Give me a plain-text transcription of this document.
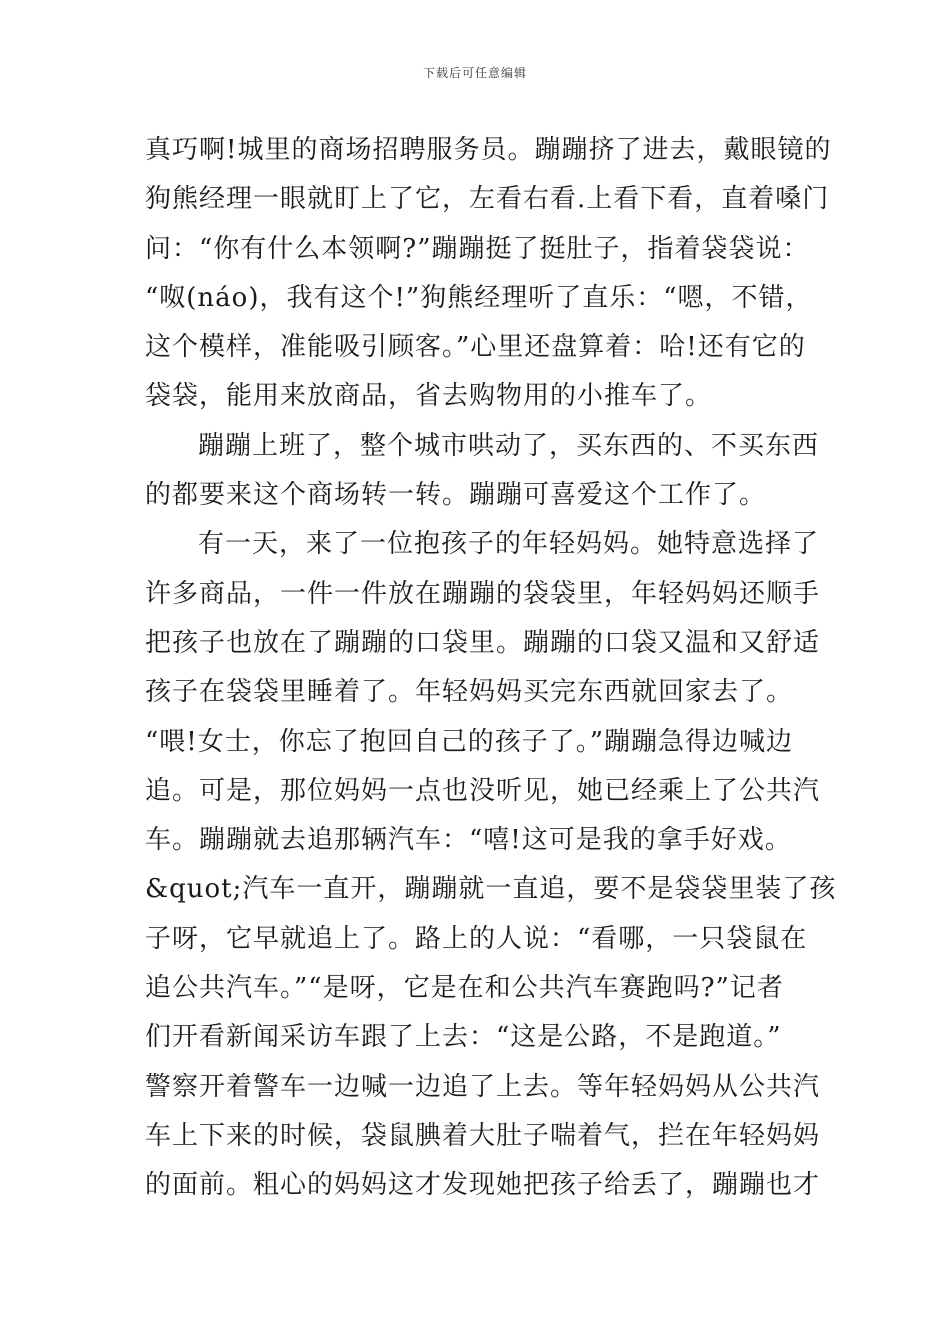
下载后可任意编辑
真巧啊!城里的商场招聘服务员。蹦蹦挤了进去，戴眼镜的
狗熊经理一眼就盯上了它，左看右看.上看下看，直着嗓门
问：“你有什么本领啊?”蹦蹦挺了挺肚子，指着袋袋说：
“呶(náo)，我有这个!”狗熊经理听了直乐：“嗯，不错，
这个模样，准能吸引顾客。”心里还盘算着：哈!还有它的
袋袋，能用来放商品，省去购物用的小推车了。
蹦蹦上班了，整个城市哄动了，买东西的、不买东西
的都要来这个商场转一转。蹦蹦可喜爱这个工作了。
有一天，来了一位抱孩子的年轻妈妈。她特意选择了
许多商品，一件一件放在蹦蹦的袋袋里，年轻妈妈还顺手
把孩子也放在了蹦蹦的口袋里。蹦蹦的口袋又温和又舒适
孩子在袋袋里睡着了。年轻妈妈买完东西就回家去了。
“喂!女士，你忘了抱回自己的孩子了。”蹦蹦急得边喊边
追。可是，那位妈妈一点也没听见，她已经乘上了公共汽
车。蹦蹦就去追那辆汽车：“嘻!这可是我的拿手好戏。
&quot;汽车一直开，蹦蹦就一直追，要不是袋袋里装了孩
子呀，它早就追上了。路上的人说：“看哪，一只袋鼠在
追公共汽车。”“是呀，它是在和公共汽车赛跑吗?”记者
们开看新闻采访车跟了上去：“这是公路，不是跑道。”
警察开着警车一边喊一边追了上去。等年轻妈妈从公共汽
车上下来的时候，袋鼠腆着大肚子喘着气，拦在年轻妈妈
的面前。粗心的妈妈这才发现她把孩子给丢了，蹦蹦也才
